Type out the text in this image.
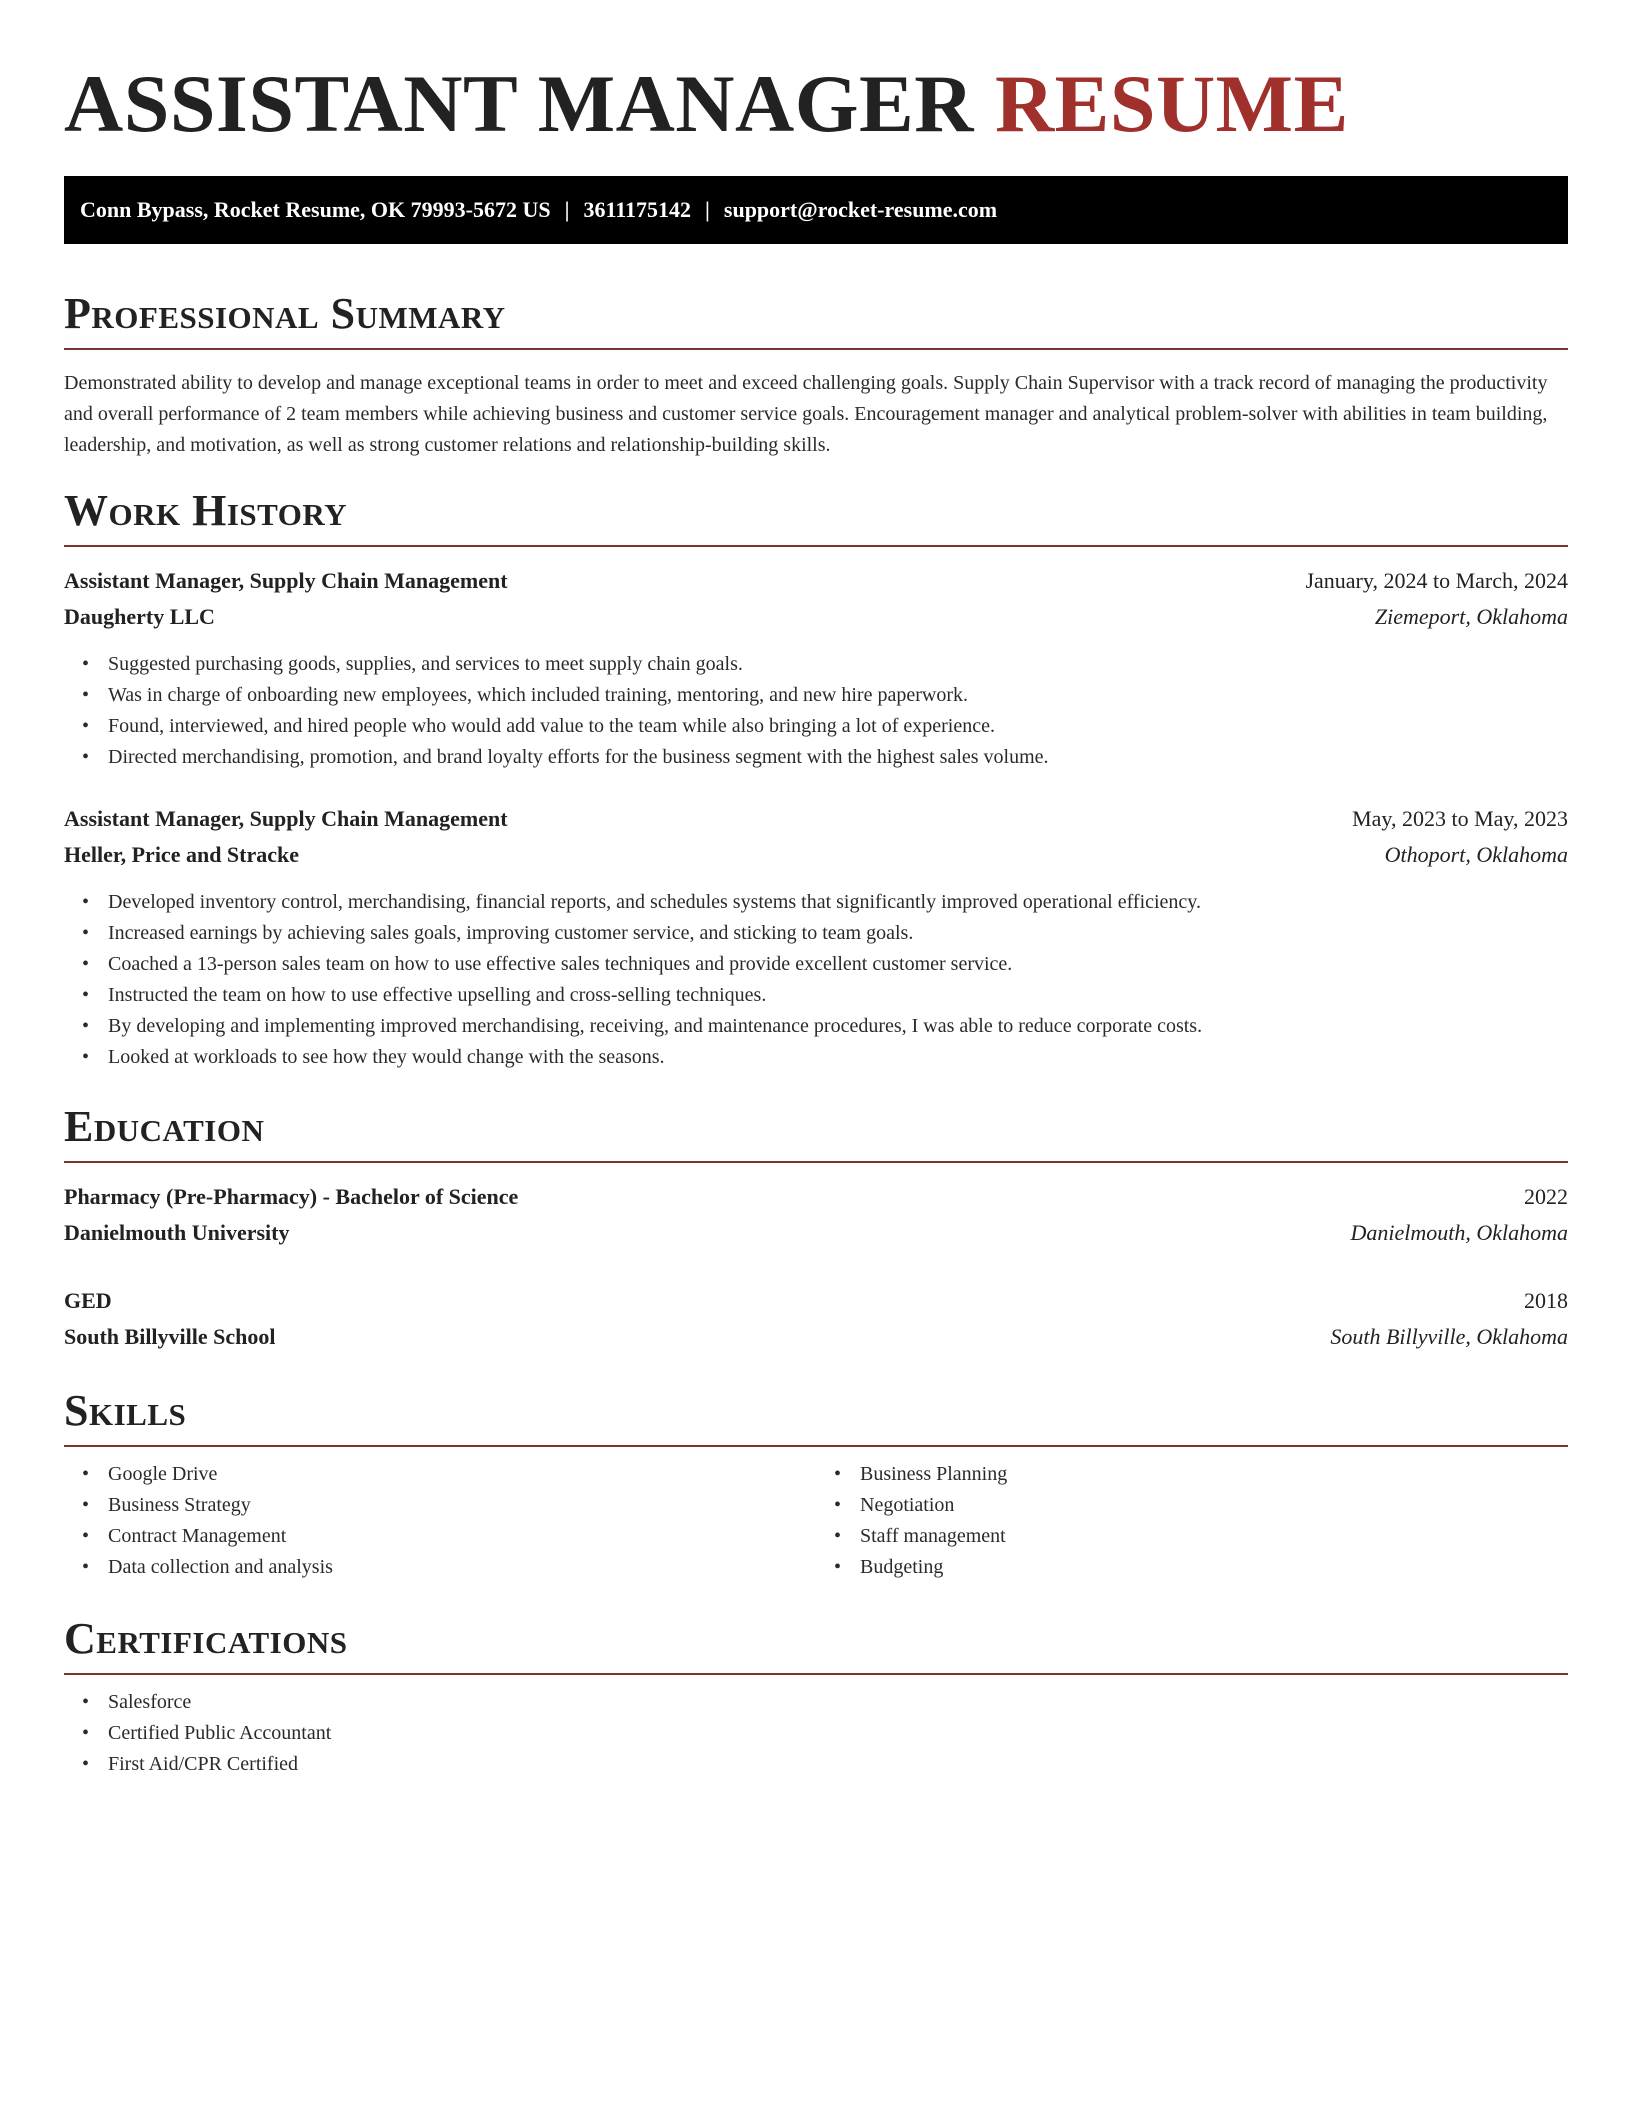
ASSISTANT MANAGER RESUME
Conn Bypass, Rocket Resume, OK 79993-5672 US | 3611175142 | support@rocket-resume.com
Professional Summary

Demonstrated ability to develop and manage exceptional teams in order to meet and exceed challenging goals. Supply Chain Supervisor with a track record of managing the productivity and overall performance of 2 team members while achieving business and customer service goals. Encouragement manager and analytical problem-solver with abilities in team building, leadership, and motivation, as well as strong customer relations and relationship-building skills.

Work History
Assistant Manager, Supply Chain Management	January, 2024 to March, 2024
Daugherty LLC	Ziemeport, Oklahoma
• Suggested purchasing goods, supplies, and services to meet supply chain goals.
• Was in charge of onboarding new employees, which included training, mentoring, and new hire paperwork.
• Found, interviewed, and hired people who would add value to the team while also bringing a lot of experience.
• Directed merchandising, promotion, and brand loyalty efforts for the business segment with the highest sales volume.
Assistant Manager, Supply Chain Management	May, 2023 to May, 2023
Heller, Price and Stracke	Othoport, Oklahoma
• Developed inventory control, merchandising, financial reports, and schedules systems that significantly improved operational efficiency.
• Increased earnings by achieving sales goals, improving customer service, and sticking to team goals.
• Coached a 13-person sales team on how to use effective sales techniques and provide excellent customer service.
• Instructed the team on how to use effective upselling and cross-selling techniques.
• By developing and implementing improved merchandising, receiving, and maintenance procedures, I was able to reduce corporate costs.
• Looked at workloads to see how they would change with the seasons.
Education
Pharmacy (Pre-Pharmacy) - Bachelor of Science	2022
Danielmouth University	Danielmouth, Oklahoma
GED	2018
South Billyville School	South Billyville, Oklahoma
Skills
• Google Drive
• Business Strategy
• Contract Management
• Data collection and analysis
• Business Planning
• Negotiation
• Staff management
• Budgeting
Certifications
• Salesforce
• Certified Public Accountant
• First Aid/CPR Certified
